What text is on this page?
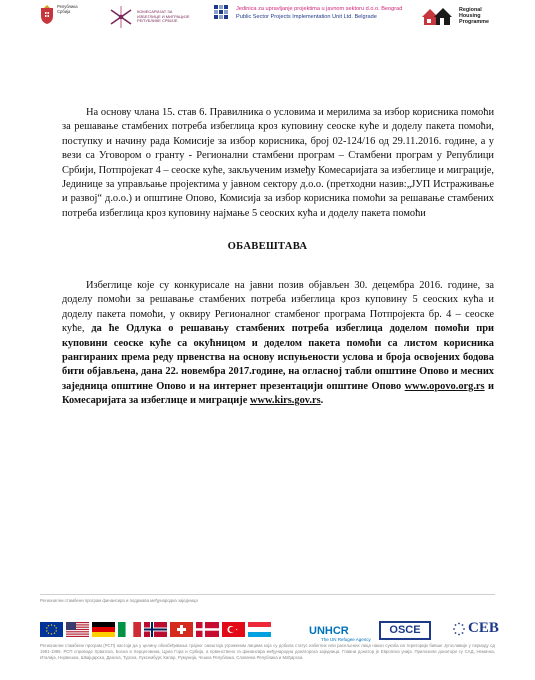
Република
Србија	КОМЕСАРИЈАТ ЗА
ИЗБЕГЛИЦЕ И МИГРАЦИЈЕ
РЕПУБЛИКЕ СРБИЈЕ
Jedinica za upravljanje projektima u javnom sektoru d.o.o. Beograd
Public Sector Projects Implementation Unit Ltd. Belgrade
Regional
Housing
Programme

На основу члана 15. став 6. Правилника о условима и мерилима за избор корисника помоћи за решавање стамбених потреба избеглица кроз куповину сеоске куће и доделу пакета помоћи, поступку и начину рада Комисије за избор корисника, број 02-124/16 од 29.11.2016. године, а у вези са Уговором о гранту - Регионални стамбени програм – Стамбени програм у Републици Србији, Потпројекат 4 – сеоске куће, закљученим између Комесаријата за избеглице и миграције, Јединице за управљање пројектима у јавном сектору д.о.о. (претходни назив:„ЈУП Истраживање и развој“ д.о.о.) и општине Опово, Комисија за избор корисника помоћи за решавање стамбених потреба избеглица кроз куповину најмање 5 сеоских кућа и доделу пакета помоћи

ОБАВЕШТАВА

Избеглице које су конкурисале на јавни позив објављен 30. децембра 2016. године, за доделу помоћи за решавање стамбених потреба избеглица кроз куповину 5 сеоских кућа и доделу пакета помоћи, у оквиру Регионалног стамбеног програма Потпројекта бр. 4 – сеоске куће, да ће Одлука о решавању стамбених потреба избеглица доделом помоћи при куповини сеоске куће са окућницом и доделом пакета помоћи са листом корисника рангираних према реду првенства на основу испуњености услова и броја освојених бодова бити објављена, дана 22. новембра 2017.године, на огласној табли општине Опово и месних заједница општине Опово и на интернет презентацији општине Опово www.opovo.org.rs и Комесаријата за избеглице и миграције www.kirs.gov.rs.

Регионални стамбени програм финансира и подржава међународна заједница
UNHCR
The UN Refugee Agency
OSCE	CEB
Регионални стамбени програм (РСП) настоји да у целину обезбеђивања трајног смештаја угроженим лицима која су добила статус избеглих или расељених лица након сукоба на територији бивше Југославије у периоду од 1991-1995. РСП спроводе Хрватска, Босна и Херцеговина, Црна Гора и Србија, а првенствено га финансира међународна донаторска заједница. Главни донатор је Европска унија. Прилозили донатори су САД, Немачка, Италија, Норвешка, Швајцарска, Данска, Турска, Луксембург, Кипар, Румунија, Чешка Република, Словачка Република и Мађарска.
